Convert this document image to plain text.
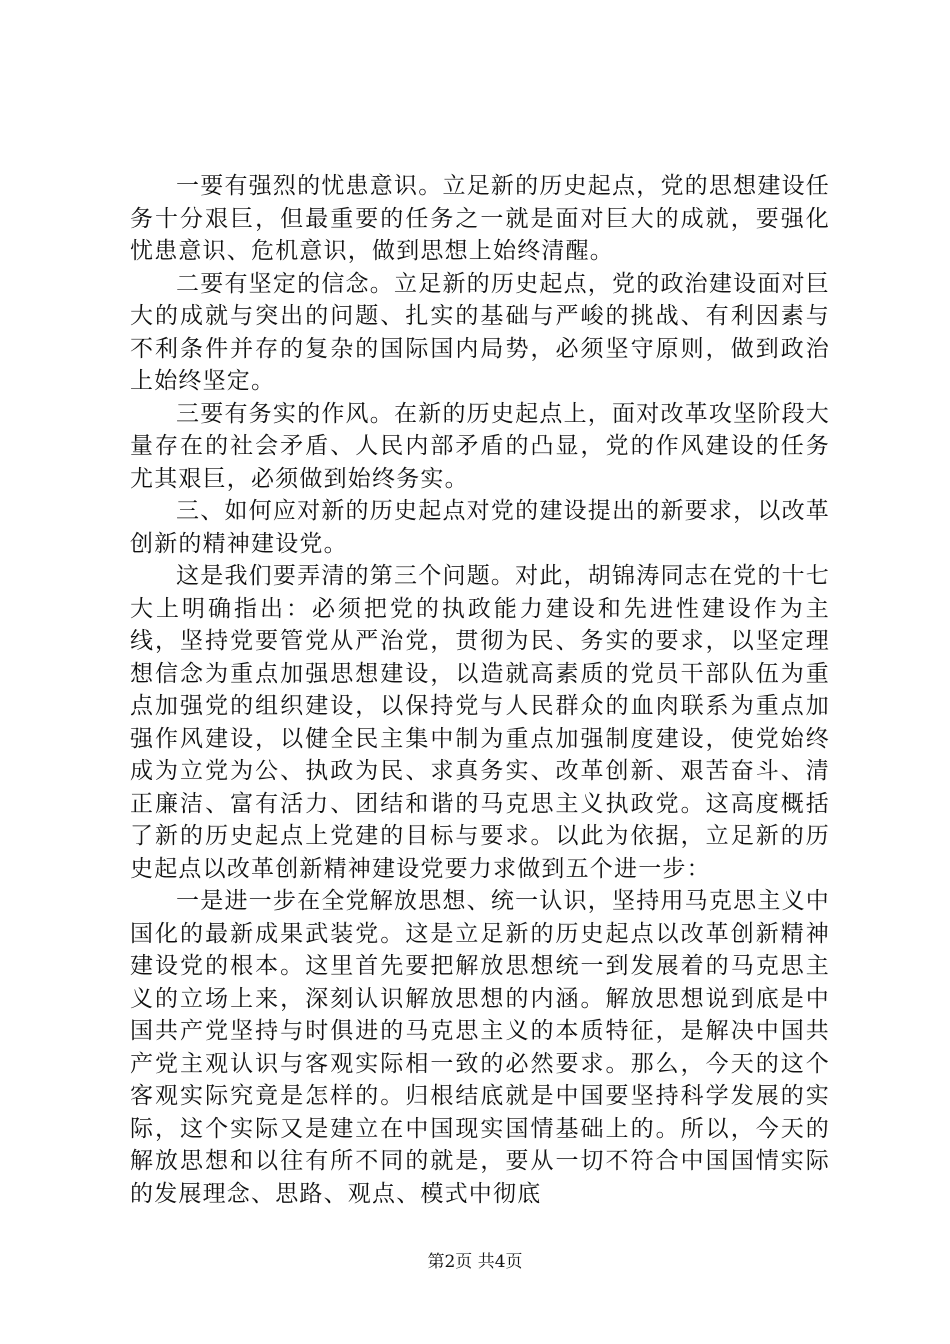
一要有强烈的忧患意识。立足新的历史起点，党的思想建设任务十分艰巨，但最重要的任务之一就是面对巨大的成就，要强化忧患意识、危机意识，做到思想上始终清醒。

二要有坚定的信念。立足新的历史起点，党的政治建设面对巨大的成就与突出的问题、扎实的基础与严峻的挑战、有利因素与不利条件并存的复杂的国际国内局势，必须坚守原则，做到政治上始终坚定。

三要有务实的作风。在新的历史起点上，面对改革攻坚阶段大量存在的社会矛盾、人民内部矛盾的凸显，党的作风建设的任务尤其艰巨，必须做到始终务实。

三、如何应对新的历史起点对党的建设提出的新要求，以改革创新的精神建设党。

这是我们要弄清的第三个问题。对此，胡锦涛同志在党的十七大上明确指出：必须把党的执政能力建设和先进性建设作为主线，坚持党要管党从严治党，贯彻为民、务实的要求，以坚定理想信念为重点加强思想建设，以造就高素质的党员干部队伍为重点加强党的组织建设，以保持党与人民群众的血肉联系为重点加强作风建设，以健全民主集中制为重点加强制度建设，使党始终成为立党为公、执政为民、求真务实、改革创新、艰苦奋斗、清正廉洁、富有活力、团结和谐的马克思主义执政党。这高度概括了新的历史起点上党建的目标与要求。以此为依据，立足新的历史起点以改革创新精神建设党要力求做到五个进一步：

一是进一步在全党解放思想、统一认识，坚持用马克思主义中国化的最新成果武装党。这是立足新的历史起点以改革创新精神建设党的根本。这里首先要把解放思想统一到发展着的马克思主义的立场上来，深刻认识解放思想的内涵。解放思想说到底是中国共产党坚持与时俱进的马克思主义的本质特征，是解决中国共产党主观认识与客观实际相一致的必然要求。那么，今天的这个客观实际究竟是怎样的。归根结底就是中国要坚持科学发展的实际，这个实际又是建立在中国现实国情基础上的。所以，今天的解放思想和以往有所不同的就是，要从一切不符合中国国情实际的发展理念、思路、观点、模式中彻底

第2页 共4页
